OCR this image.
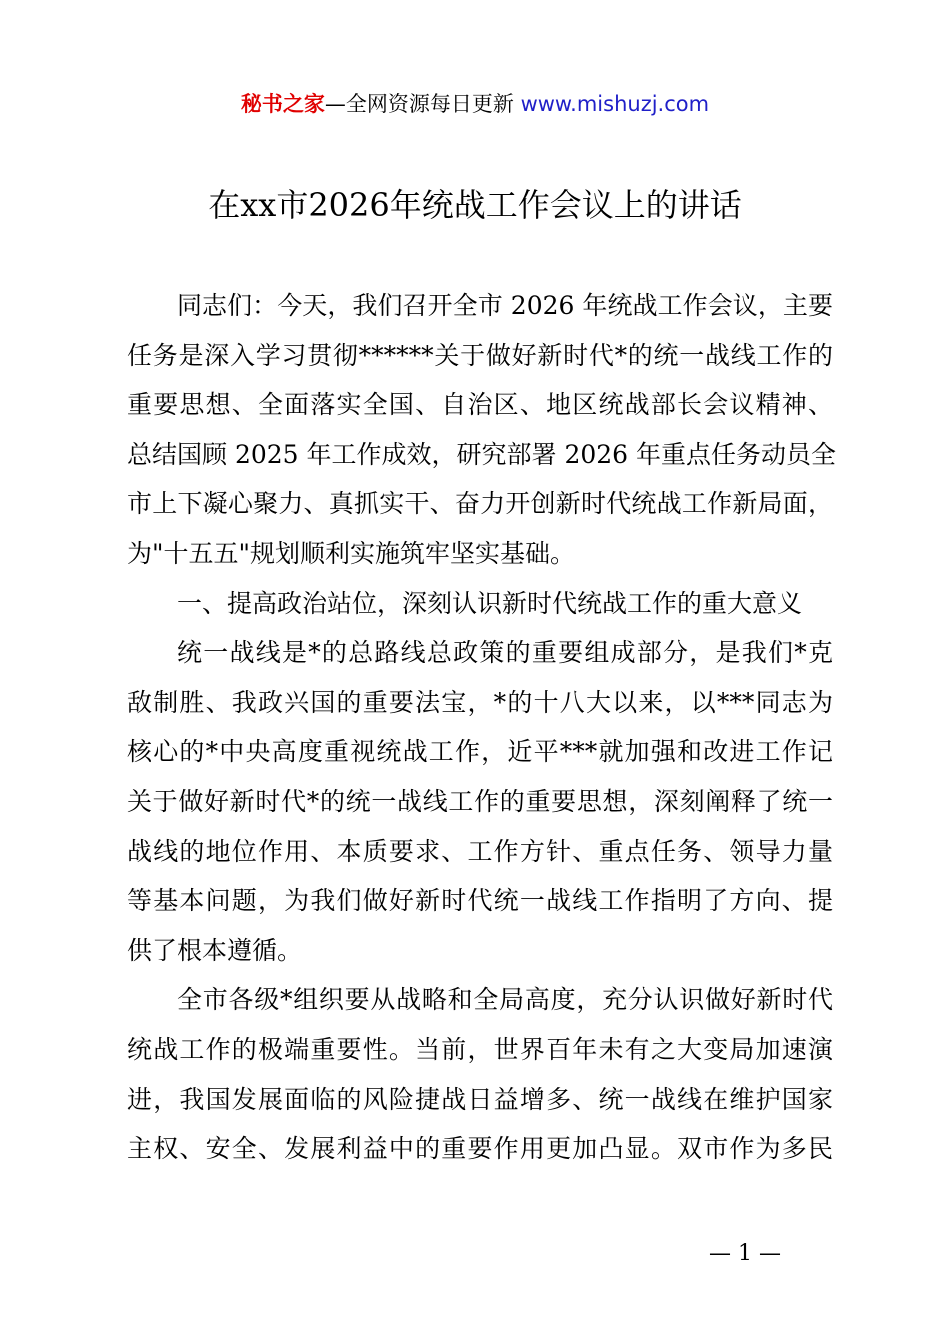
秘书之家—全网资源每日更新 www.mishuzj.com
在xx市2026年统战工作会议上的讲话

同志们：今天，我们召开全市 2026 年统战工作会议，主要
任务是深入学习贯彻******关于做好新时代*的统一战线工作的
重要思想、全面落实全国、自治区、地区统战部长会议精神、
总结国顾 2025 年工作成效，研究部署 2026 年重点任务动员全
市上下凝心聚力、真抓实干、奋力开创新时代统战工作新局面，
为"十五五"规划顺利实施筑牢坚实基础。

一、提高政治站位，深刻认识新时代统战工作的重大意义

统一战线是*的总路线总政策的重要组成部分，是我们*克
敌制胜、我政兴国的重要法宝，*的十八大以来，以***同志为
核心的*中央高度重视统战工作，近平***就加强和改进工作记
关于做好新时代*的统一战线工作的重要思想，深刻阐释了统一
战线的地位作用、本质要求、工作方针、重点任务、领导力量
等基本问题，为我们做好新时代统一战线工作指明了方向、提
供了根本遵循。

全市各级*组织要从战略和全局高度，充分认识做好新时代
统战工作的极端重要性。当前，世界百年未有之大变局加速演
进，我国发展面临的风险捷战日益增多、统一战线在维护国家
主权、安全、发展利益中的重要作用更加凸显。双市作为多民

— 1 —
